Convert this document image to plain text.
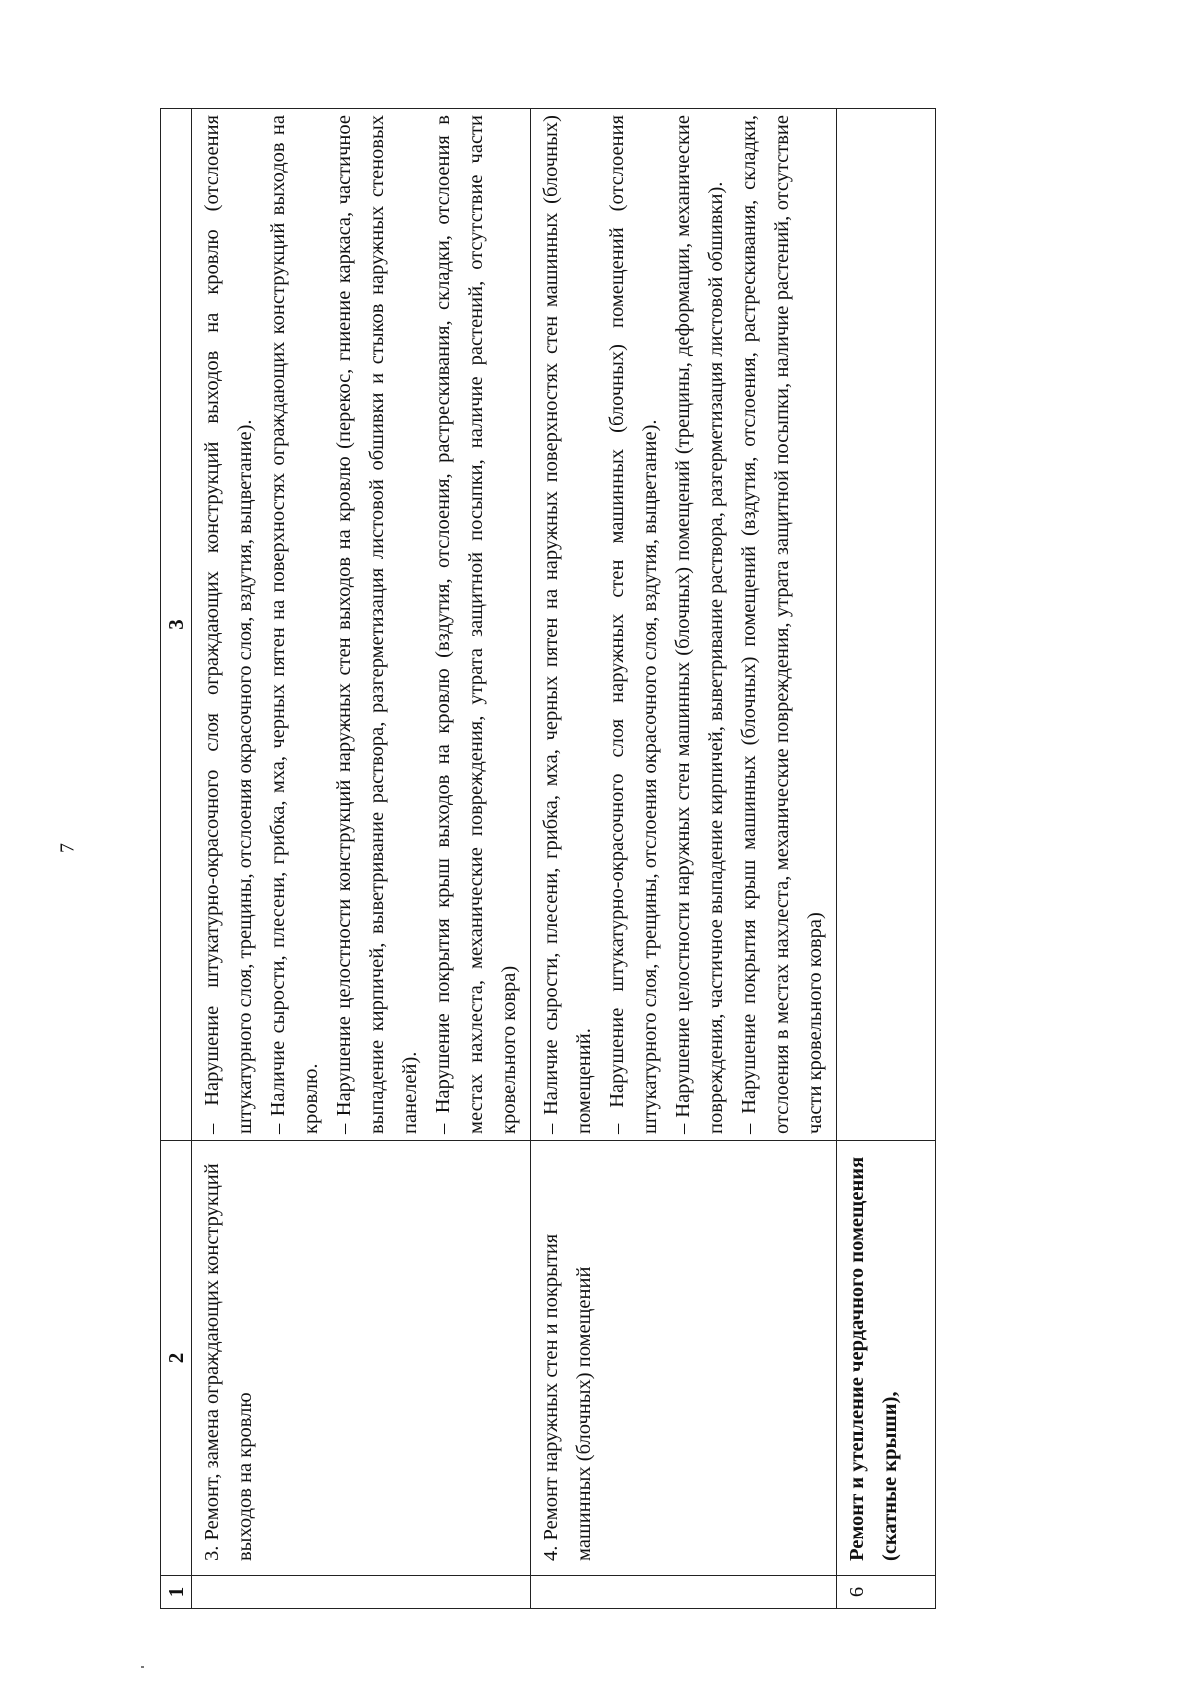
7
1	2	3
	3. Ремонт, замена ограждающих конструкций выходов на кровлю	– Нарушение штукатурно-окрасочного слоя ограждающих конструкций выходов на кровлю (отслоения штукатурного слоя, трещины, отслоения окрасочного слоя, вздутия, выцветание). – Наличие сырости, плесени, грибка, мха, черных пятен на поверхностях ограждающих конструкций выходов на кровлю. – Нарушение целостности конструкций наружных стен выходов на кровлю (перекос, гниение каркаса, частичное выпадение кирпичей, выветривание раствора, разгерметизация листовой обшивки и стыков наружных стеновых панелей). – Нарушение покрытия крыш выходов на кровлю (вздутия, отслоения, растрескивания, складки, отслоения в местах нахлеста, механические повреждения, утрата защитной посыпки, наличие растений, отсутствие части кровельного ковра)

	4. Ремонт наружных стен и покрытия машинных (блочных) помещений	– Наличие сырости, плесени, грибка, мха, черных пятен на наружных поверхностях стен машинных (блочных) помещений. – Нарушение штукатурно-окрасочного слоя наружных стен машинных (блочных) помещений (отслоения штукатурного слоя, трещины, отслоения окрасочного слоя, вздутия, выцветание). – Нарушение целостности наружных стен машинных (блочных) помещений (трещины, деформации, механические повреждения, частичное выпадение кирпичей, выветривание раствора, разгерметизация листовой обшивки). – Нарушение покрытия крыш машинных (блочных) помещений (вздутия, отслоения, растрескивания, складки, отслоения в местах нахлеста, механические повреждения, утрата защитной посыпки, наличие растений, отсутствие части кровельного ковра)

6	Ремонт и утепление чердачного помещения (скатные крыши),	
